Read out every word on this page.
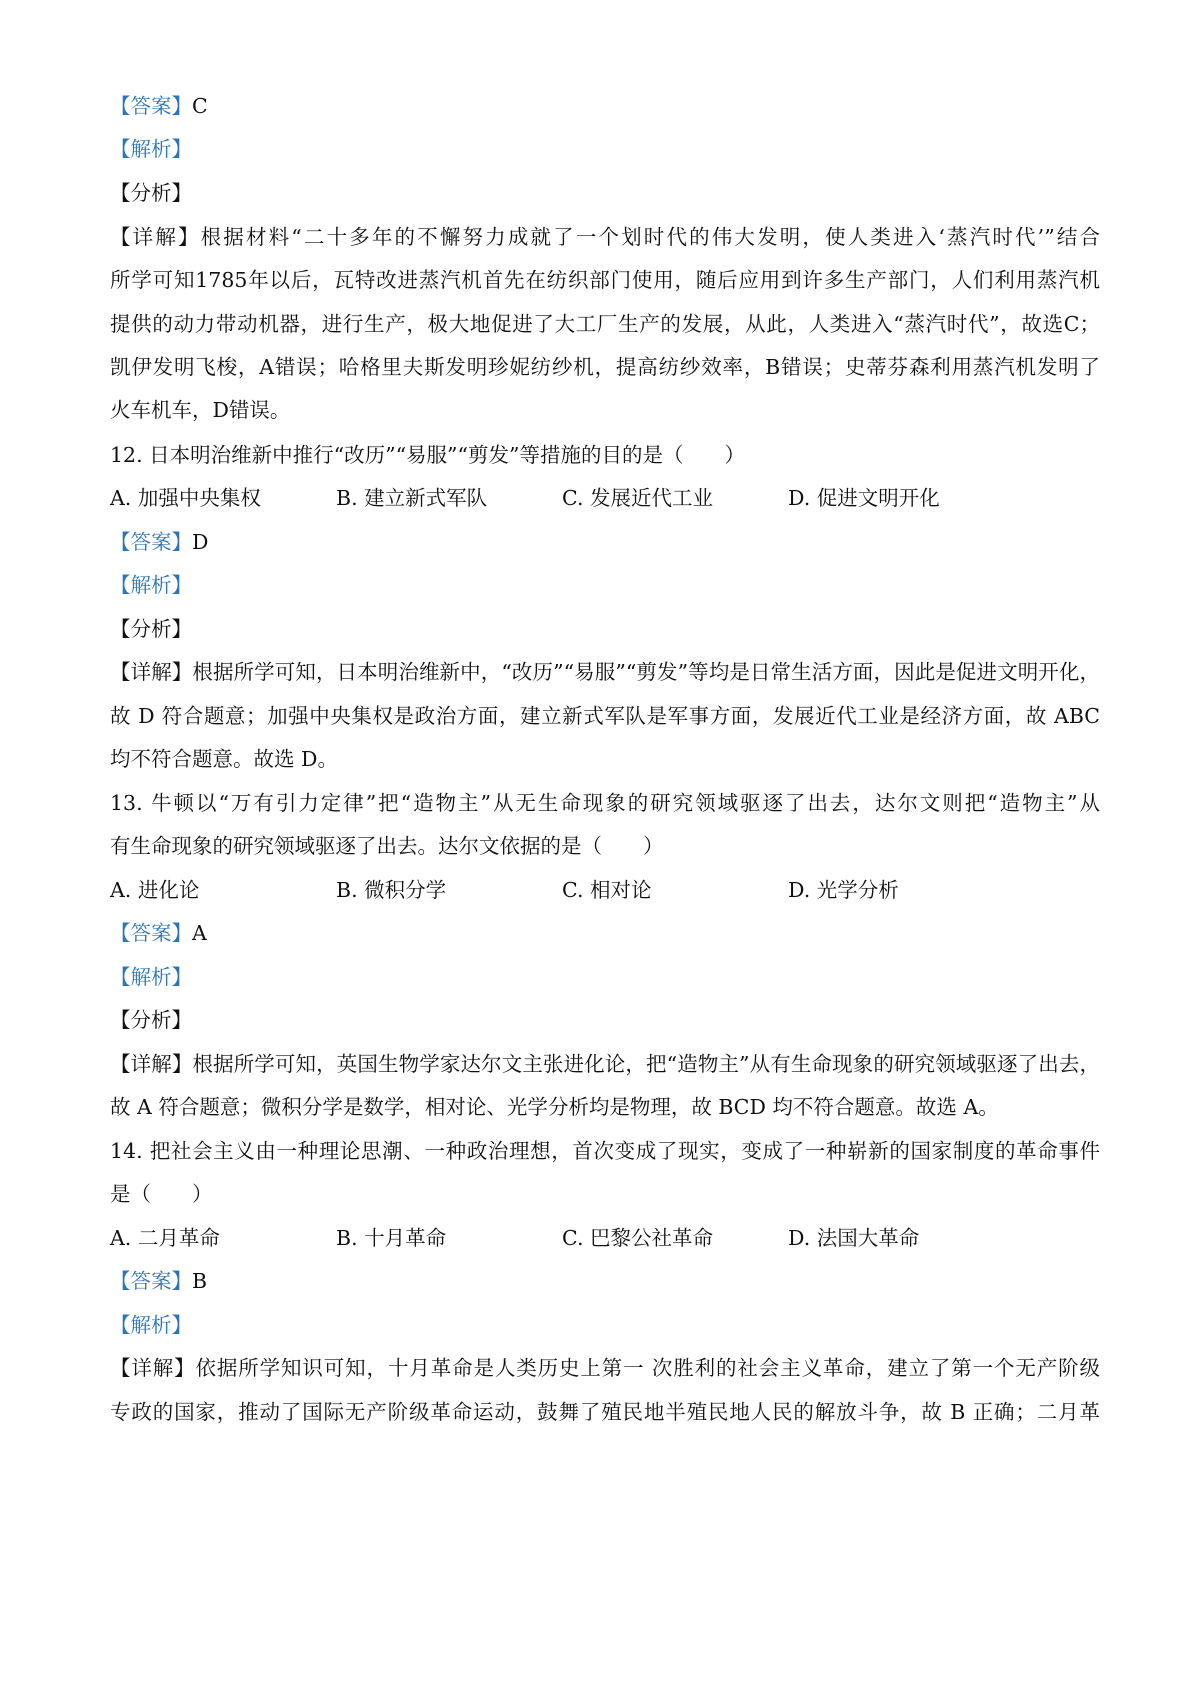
【答案】C
【解析】
【分析】
【详解】根据材料“二十多年的不懈努力成就了一个划时代的伟大发明，使人类进入‘蒸汽时代’”结合
所学可知1785年以后，瓦特改进蒸汽机首先在纺织部门使用，随后应用到许多生产部门，人们利用蒸汽机
提供的动力带动机器，进行生产，极大地促进了大工厂生产的发展，从此，人类进入“蒸汽时代”，故选C；
凯伊发明飞梭，A错误；哈格里夫斯发明珍妮纺纱机，提高纺纱效率，B错误；史蒂芬森利用蒸汽机发明了
火车机车，D错误。
12. 日本明治维新中推行“改历”“易服”“剪发”等措施的目的是（　　）
A. 加强中央集权	B. 建立新式军队	C. 发展近代工业	D. 促进文明开化
【答案】D
【解析】
【分析】
【详解】根据所学可知，日本明治维新中，“改历”“易服”“剪发”等均是日常生活方面，因此是促进文明开化，
故 D 符合题意；加强中央集权是政治方面，建立新式军队是军事方面，发展近代工业是经济方面，故 ABC
均不符合题意。故选 D。
13. 牛顿以“万有引力定律”把“造物主”从无生命现象的研究领域驱逐了出去，达尔文则把“造物主”从
有生命现象的研究领域驱逐了出去。达尔文依据的是（　　）
A. 进化论	B. 微积分学	C. 相对论	D. 光学分析
【答案】A
【解析】
【分析】
【详解】根据所学可知，英国生物学家达尔文主张进化论，把“造物主”从有生命现象的研究领域驱逐了出去，
故 A 符合题意；微积分学是数学，相对论、光学分析均是物理，故 BCD 均不符合题意。故选 A。
14. 把社会主义由一种理论思潮、一种政治理想，首次变成了现实，变成了一种崭新的国家制度的革命事件
是（　　）
A. 二月革命	B. 十月革命	C. 巴黎公社革命	D. 法国大革命
【答案】B
【解析】
【详解】依据所学知识可知，十月革命是人类历史上第一 次胜利的社会主义革命，建立了第一个无产阶级
专政的国家，推动了国际无产阶级革命运动，鼓舞了殖民地半殖民地人民的解放斗争，故 B 正确；二月革
